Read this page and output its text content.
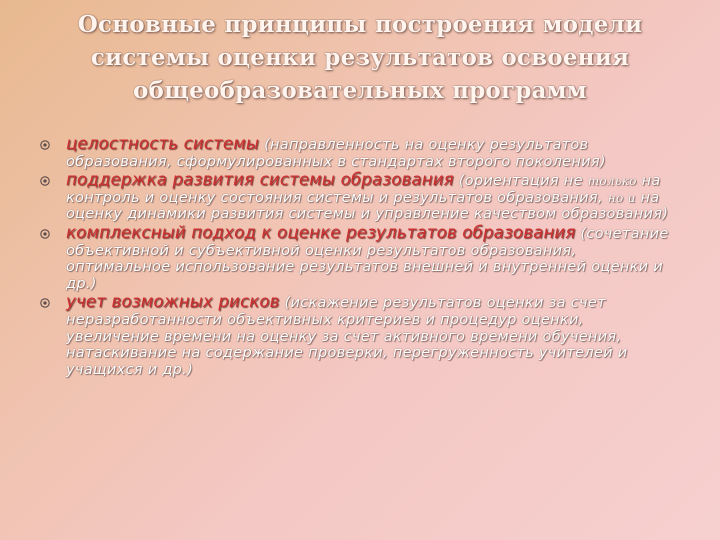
Основные принципы построения модели
системы оценки результатов освоения
общеобразовательных программ
целостность системы (направленность на оценку результатов образования, сформулированных в стандартах второго поколения)
поддержка развития системы образования (ориентация не только на контроль и оценку состояния системы и результатов образования, но и на оценку динамики развития системы и управление качеством образования)
комплексный подход к оценке результатов образования (сочетание объективной и субъективной оценки результатов образования, оптимальное использование результатов внешней и внутренней оценки и др.)
учет возможных рисков (искажение результатов оценки за счет неразработанности объективных критериев и процедур оценки, увеличение времени на оценку за счет активного времени обучения, натаскивание на содержание проверки, перегруженность учителей и учащихся и др.)
